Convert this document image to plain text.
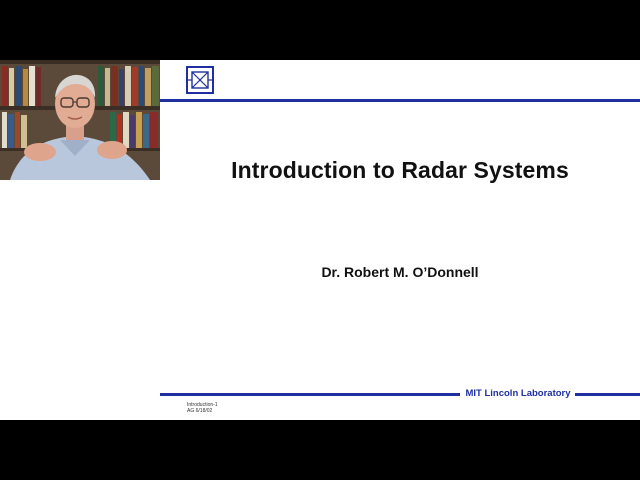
Introduction to Radar Systems
Dr. Robert M. O’Donnell
MIT Lincoln Laboratory
Introduction-1
AG 6/18/02
